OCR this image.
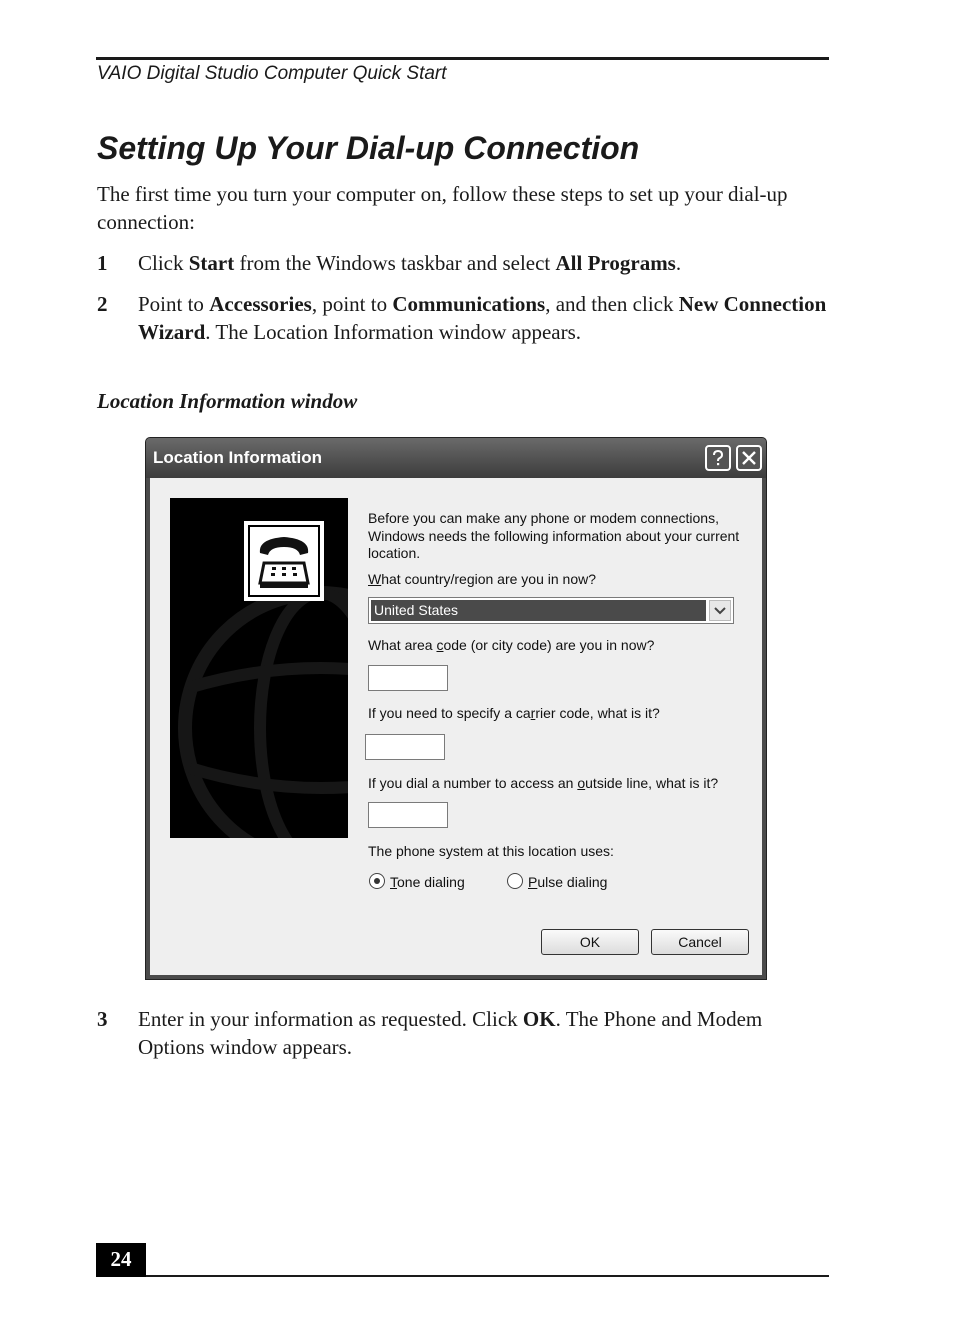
VAIO Digital Studio Computer Quick Start
Setting Up Your Dial-up Connection

The first time you turn your computer on, follow these steps to set up your dial-up connection:

1 Click Start from the Windows taskbar and select All Programs.
2 Point to Accessories, point to Communications, and then click New Connection Wizard. The Location Information window appears.
Location Information window
Location Information
Before you can make any phone or modem connections,
Windows needs the following information about your current
location.
What country/region are you in now?
United States
What area code (or city code) are you in now?
If you need to specify a carrier code, what is it?
If you dial a number to access an outside line, what is it?
The phone system at this location uses:
Tone dialing	Pulse dialing
OK	Cancel
3 Enter in your information as requested. Click OK. The Phone and Modem Options window appears.
24
